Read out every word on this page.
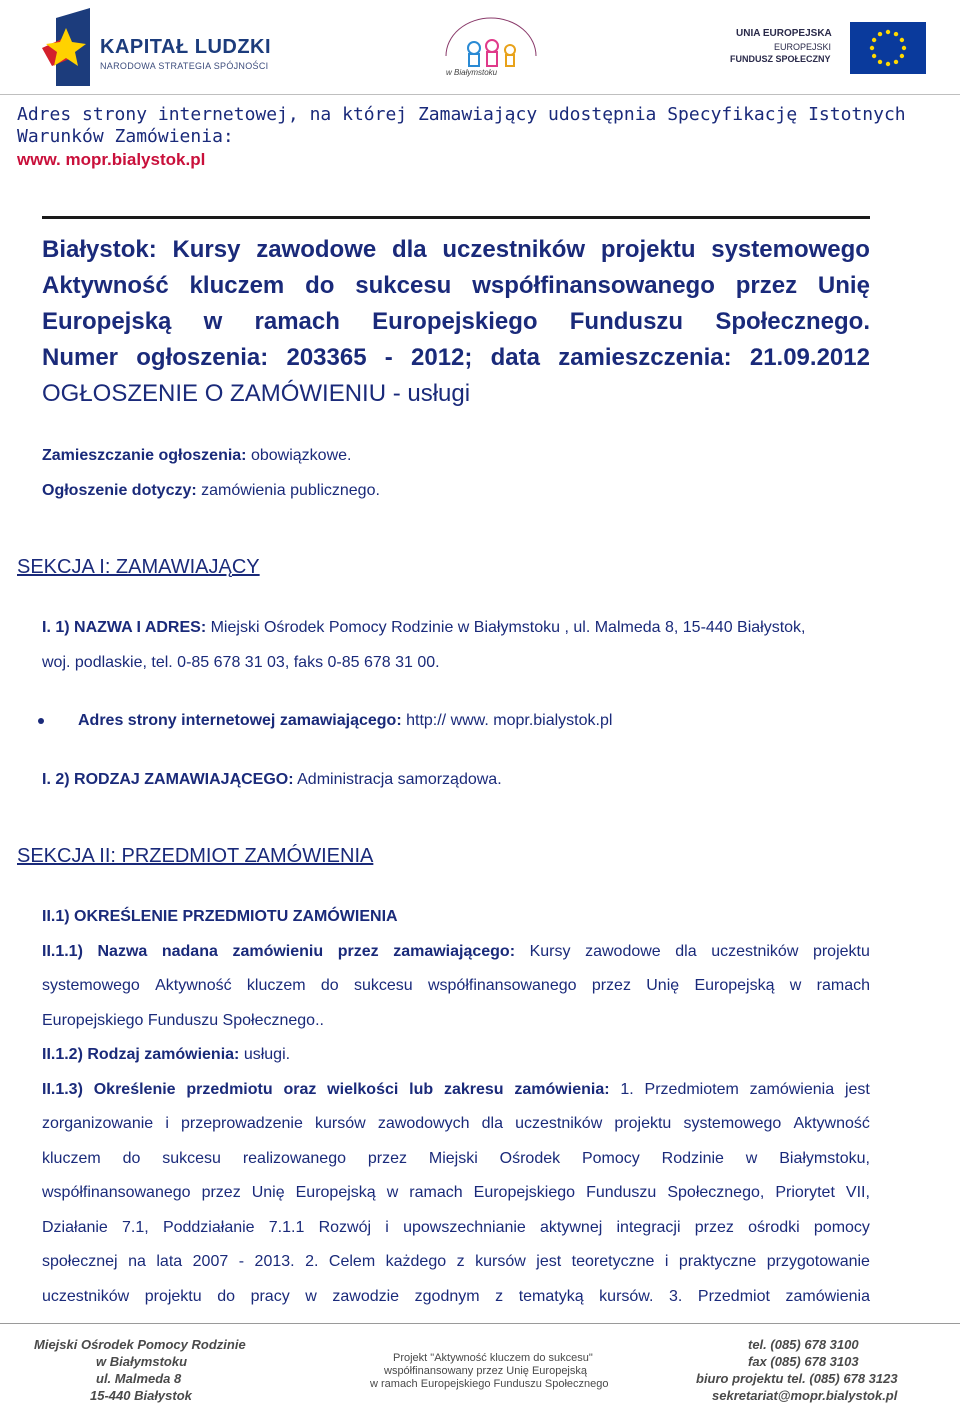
KAPITAŁ LUDZKI
NARODOWA STRATEGIA SPÓJNOŚCI
w Białymstoku
UNIA EUROPEJSKA
EUROPEJSKI
FUNDUSZ SPOŁECZNY
Adres strony internetowej, na której Zamawiający udostępnia Specyfikację Istotnych
Warunków Zamówienia:
www. mopr.bialystok.pl
Białystok: Kursy zawodowe dla uczestników projektu systemowego
Aktywność kluczem do sukcesu współfinansowanego przez Unię
Europejską w ramach Europejskiego Funduszu Społecznego.
Numer ogłoszenia: 203365 - 2012; data zamieszczenia: 21.09.2012
OGŁOSZENIE O ZAMÓWIENIU - usługi
Zamieszczanie ogłoszenia: obowiązkowe.
Ogłoszenie dotyczy: zamówienia publicznego.
SEKCJA I: ZAMAWIAJĄCY
I. 1) NAZWA I ADRES: Miejski Ośrodek Pomocy Rodzinie w Białymstoku , ul. Malmeda 8, 15-440 Białystok,
woj. podlaskie, tel. 0-85 678 31 03, faks 0-85 678 31 00.
Adres strony internetowej zamawiającego: http:// www. mopr.bialystok.pl
I. 2) RODZAJ ZAMAWIAJĄCEGO: Administracja samorządowa.
SEKCJA II: PRZEDMIOT ZAMÓWIENIA
II.1) OKREŚLENIE PRZEDMIOTU ZAMÓWIENIA
II.1.1) Nazwa nadana zamówieniu przez zamawiającego: Kursy zawodowe dla uczestników projektu
systemowego Aktywność kluczem do sukcesu współfinansowanego przez Unię Europejską w ramach
Europejskiego Funduszu Społecznego..
II.1.2) Rodzaj zamówienia: usługi.
II.1.3) Określenie przedmiotu oraz wielkości lub zakresu zamówienia: 1. Przedmiotem zamówienia jest
zorganizowanie i przeprowadzenie kursów zawodowych dla uczestników projektu systemowego Aktywność
kluczem do sukcesu realizowanego przez Miejski Ośrodek Pomocy Rodzinie w Białymstoku,
współfinansowanego przez Unię Europejską w ramach Europejskiego Funduszu Społecznego, Priorytet VII,
Działanie 7.1, Poddziałanie 7.1.1 Rozwój i upowszechnianie aktywnej integracji przez ośrodki pomocy
społecznej na lata 2007 - 2013. 2. Celem każdego z kursów jest teoretyczne i praktyczne przygotowanie
uczestników projektu do pracy w zawodzie zgodnym z tematyką kursów. 3. Przedmiot zamówienia
Miejski Ośrodek Pomocy Rodzinie
w Białymstoku
ul. Malmeda 8
15-440 Białystok
Projekt "Aktywność kluczem do sukcesu"
współfinansowany przez Unię Europejską
w ramach Europejskiego Funduszu Społecznego
tel. (085) 678 3100
fax (085) 678 3103
biuro projektu tel. (085) 678 3123
sekretariat@mopr.bialystok.pl
